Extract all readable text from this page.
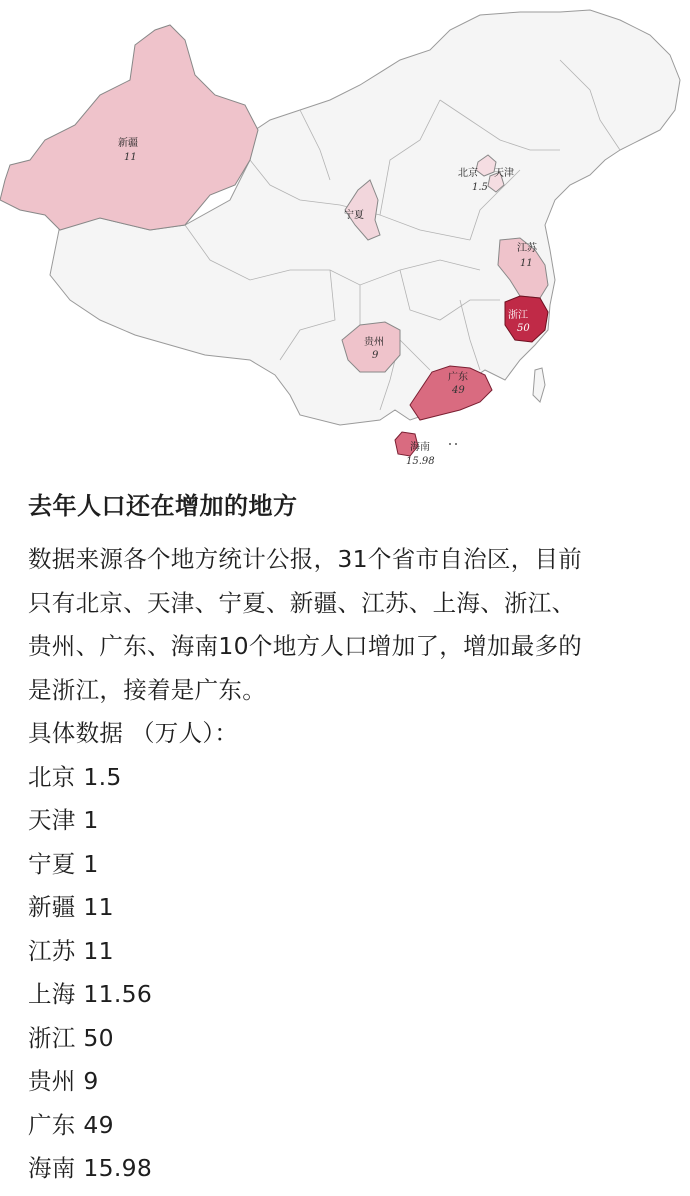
新疆
11
宁夏
北京
1.5
天津
江苏
11
浙江
50
贵州
9
广东
49
海南
15.98
去年人口还在增加的地方
数据来源各个地方统计公报，31个省市自治区，目前
只有北京、天津、宁夏、新疆、江苏、上海、浙江、
贵州、广东、海南10个地方人口增加了，增加最多的
是浙江，接着是广东。
具体数据 （万人）：
北京 1.5
天津 1
宁夏 1
新疆 11
江苏 11
上海 11.56
浙江 50
贵州 9
广东 49
海南 15.98
